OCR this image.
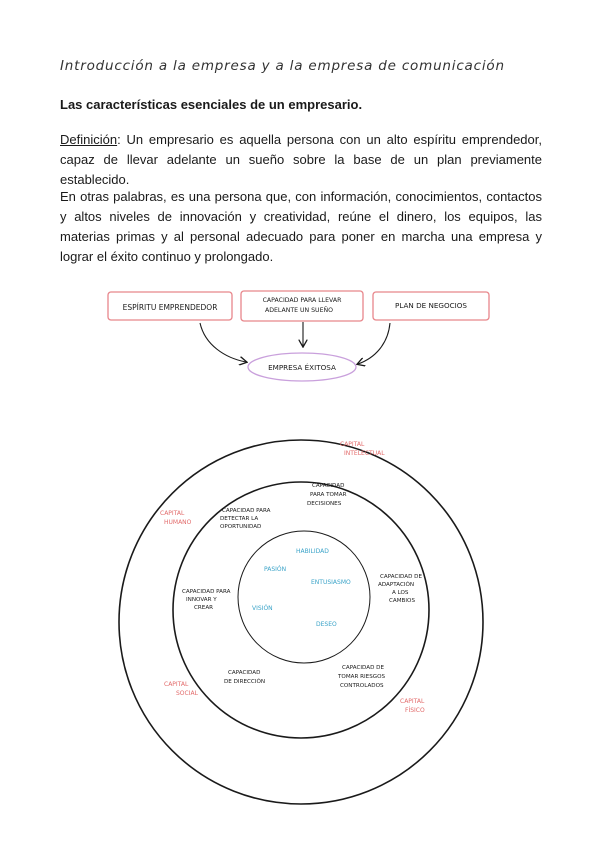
Introducción a la empresa y a la empresa de comunicación
Las características esenciales de un empresario.

Definición: Un empresario es aquella persona con un alto espíritu emprendedor, capaz de llevar adelante un sueño sobre la base de un plan previamente establecido.

En otras palabras, es una persona que, con información, conocimientos, contactos y altos niveles de innovación y creatividad, reúne el dinero, los equipos, las materias primas y al personal adecuado para poner en marcha una empresa y lograr el éxito continuo y prolongado.

ESPÍRITU EMPRENDEDOR
CAPACIDAD PARA LLEVAR
ADELANTE UN SUEÑO
PLAN DE NEGOCIOS
EMPRESA ÉXITOSA
CAPITAL
INTELECTUAL
CAPITAL
HUMANO
CAPITAL
SOCIAL
CAPITAL
FÍSICO
CAPACIDAD PARA
DETECTAR LA
OPORTUNIDAD
CAPACIDAD
PARA TOMAR
DECISIONES
CAPACIDAD DE
ADAPTACIÓN
A LOS
CAMBIOS
CAPACIDAD PARA
INNOVAR Y
CREAR
CAPACIDAD
DE DIRECCIÓN
CAPACIDAD DE
TOMAR RIESGOS
CONTROLADOS
HABILIDAD
PASIÓN
ENTUSIASMO
VISIÓN
DESEO
